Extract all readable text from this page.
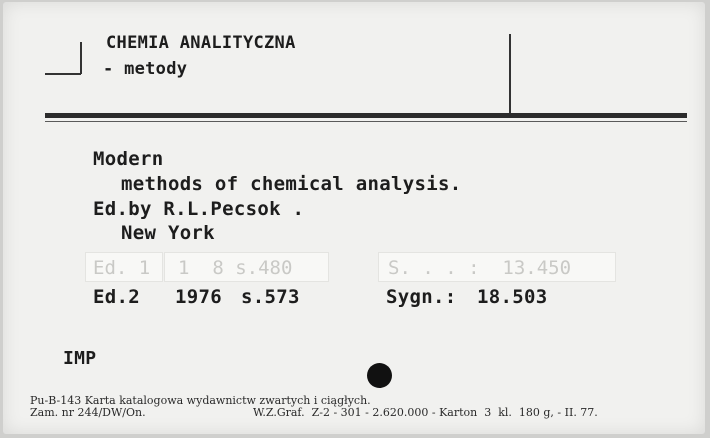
CHEMIA ANALITYCZNA
- metody
Modern
methods of chemical analysis.
Ed.by R.L.Pecsok .
New York
Ed. 1 1  8 s.480	S. . . :  13.450
Ed.2 1976 s.573	Sygn.: 18.503
IMP
Pu-B-143 Karta katalogowa wydawnictw zwartych i ciągłych.
Zam. nr 244/DW/On.	W.Z.Graf.  Z-2 - 301 - 2.620.000 - Karton  3  kl.  180 g, - II. 77.
